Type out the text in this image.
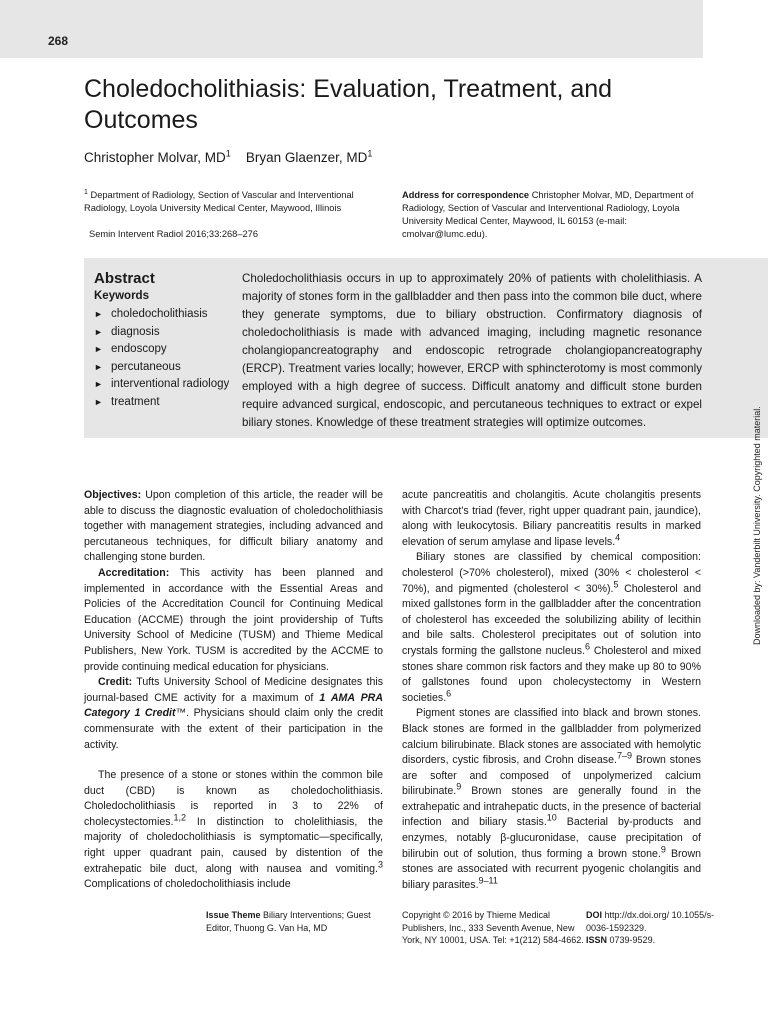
268
Choledocholithiasis: Evaluation, Treatment, and Outcomes
Christopher Molvar, $MD^1$ Bryan Glaenzer, $MD^1$
$^1$ Department of Radiology, Section of Vascular and Interventional Radiology, Loyola University Medical Center, Maywood, Illinois
Semin Intervent Radiol 2016;33:268–276
Address for correspondence Christopher Molvar, MD, Department of Radiology, Section of Vascular and Interventional Radiology, Loyola University Medical Center, Maywood, IL 60153 (e-mail: cmolvar@lumc.edu).
Abstract
Keywords
► choledocholithiasis
► diagnosis
► endoscopy
► percutaneous
► interventional radiology
► treatment
Choledocholithiasis occurs in up to approximately 20% of patients with cholelithiasis. A majority of stones form in the gallbladder and then pass into the common bile duct, where they generate symptoms, due to biliary obstruction. Confirmatory diagnosis of choledocholithiasis is made with advanced imaging, including magnetic resonance cholangiopancreatography and endoscopic retrograde cholangiopancreatography (ERCP). Treatment varies locally; however, ERCP with sphincterotomy is most commonly employed with a high degree of success. Difficult anatomy and difficult stone burden require advanced surgical, endoscopic, and percutaneous techniques to extract or expel biliary stones. Knowledge of these treatment strategies will optimize outcomes.	Downloaded by: Vanderbilt University. Copyrighted material.

Objectives: Upon completion of this article, the reader will be able to discuss the diagnostic evaluation of choledocholithiasis together with management strategies, including advanced and percutaneous techniques, for difficult biliary anatomy and challenging stone burden.

Accreditation: This activity has been planned and implemented in accordance with the Essential Areas and Policies of the Accreditation Council for Continuing Medical Education (ACCME) through the joint providership of Tufts University School of Medicine (TUSM) and Thieme Medical Publishers, New York. TUSM is accredited by the ACCME to provide continuing medical education for physicians.

Credit: Tufts University School of Medicine designates this journal-based CME activity for a maximum of 1 AMA PRA Category 1 Credit™. Physicians should claim only the credit commensurate with the extent of their participation in the activity.

The presence of a stone or stones within the common bile duct (CBD) is known as choledocholithiasis. Choledocholithiasis is reported in 3 to 22% of cholecystectomies.$^{1,2}$ In distinction to cholelithiasis, the majority of choledocholithiasis is symptomatic—specifically, right upper quadrant pain, caused by distention of the extrahepatic bile duct, along with nausea and vomiting.$^3$ Complications of choledocholithiasis include

acute pancreatitis and cholangitis. Acute cholangitis presents with Charcot's triad (fever, right upper quadrant pain, jaundice), along with leukocytosis. Biliary pancreatitis results in marked elevation of serum amylase and lipase levels.$^4$

Biliary stones are classified by chemical composition: cholesterol (>70% cholesterol), mixed (30% < cholesterol < 70%), and pigmented (cholesterol < 30%).$^5$ Cholesterol and mixed gallstones form in the gallbladder after the concentration of cholesterol has exceeded the solubilizing ability of lecithin and bile salts. Cholesterol precipitates out of solution into crystals forming the gallstone nucleus.$^6$ Cholesterol and mixed stones share common risk factors and they make up 80 to 90% of gallstones found upon cholecystectomy in Western societies.$^6$

Pigment stones are classified into black and brown stones. Black stones are formed in the gallbladder from polymerized calcium bilirubinate. Black stones are associated with hemolytic disorders, cystic fibrosis, and Crohn disease.$^{7-9}$ Brown stones are softer and composed of unpolymerized calcium bilirubinate.$^9$ Brown stones are generally found in the extrahepatic and intrahepatic ducts, in the presence of bacterial infection and biliary stasis.$^{10}$ Bacterial by-products and enzymes, notably β-glucuronidase, cause precipitation of bilirubin out of solution, thus forming a brown stone.$^9$ Brown stones are associated with recurrent pyogenic cholangitis and biliary parasites.$^{9-11}$

Issue Theme Biliary Interventions; Guest Editor, Thuong G. Van Ha, MD
Copyright © 2016 by Thieme Medical Publishers, Inc., 333 Seventh Avenue, New York, NY 10001, USA. Tel: +1(212) 584-4662.
DOI http://dx.doi.org/ 10.1055/s-0036-1592329.
ISSN 0739-9529.
